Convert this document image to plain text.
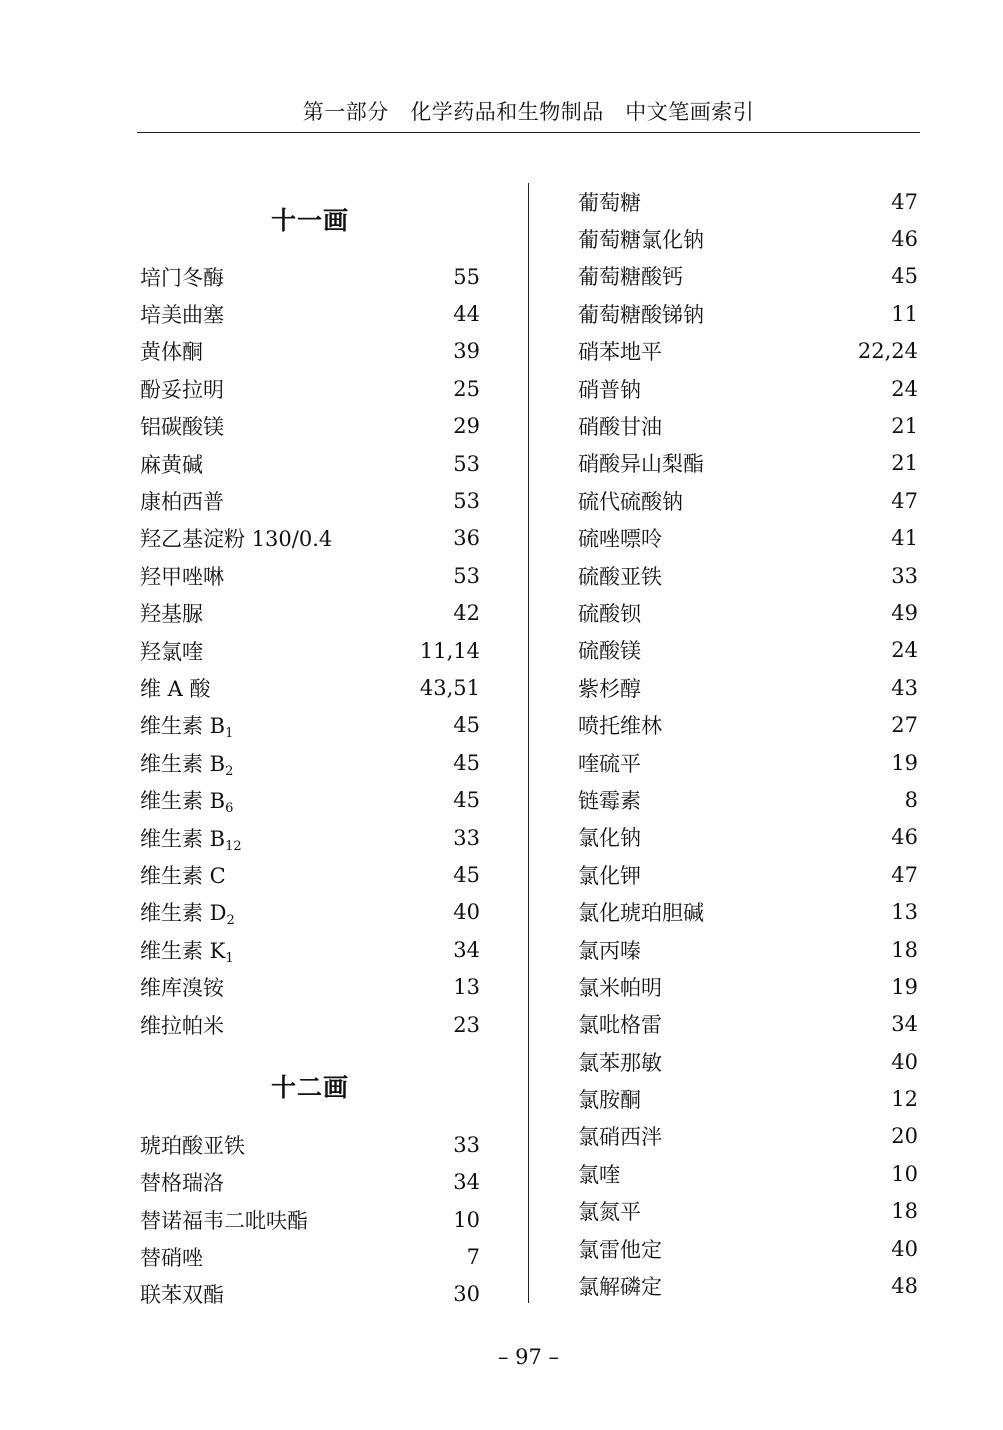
第一部分　化学药品和生物制品　中文笔画索引
十一画
培门冬酶	55
培美曲塞	44
黄体酮	39
酚妥拉明	25
铝碳酸镁	29
麻黄碱	53
康柏西普	53
羟乙基淀粉 130/0.4	36
羟甲唑啉	53
羟基脲	42
羟氯喹	11,14
维 A 酸	43,51
维生素 $B_1$	45
维生素 $B_2$	45
维生素 $B_6$	45
维生素 $B_{12}$	33
维生素 C	45
维生素 $D_2$	40
维生素 $K_1$	34
维库溴铵	13
维拉帕米	23
十二画
琥珀酸亚铁	33
替格瑞洛	34
替诺福韦二吡呋酯	10
替硝唑	7
联苯双酯	30
葡萄糖	47
葡萄糖氯化钠	46
葡萄糖酸钙	45
葡萄糖酸锑钠	11
硝苯地平	22,24
硝普钠	24
硝酸甘油	21
硝酸异山梨酯	21
硫代硫酸钠	47
硫唑嘌呤	41
硫酸亚铁	33
硫酸钡	49
硫酸镁	24
紫杉醇	43
喷托维林	27
喹硫平	19
链霉素	8
氯化钠	46
氯化钾	47
氯化琥珀胆碱	13
氯丙嗪	18
氯米帕明	19
氯吡格雷	34
氯苯那敏	40
氯胺酮	12
氯硝西泮	20
氯喹	10
氯氮平	18
氯雷他定	40
氯解磷定	48
– 97 –
